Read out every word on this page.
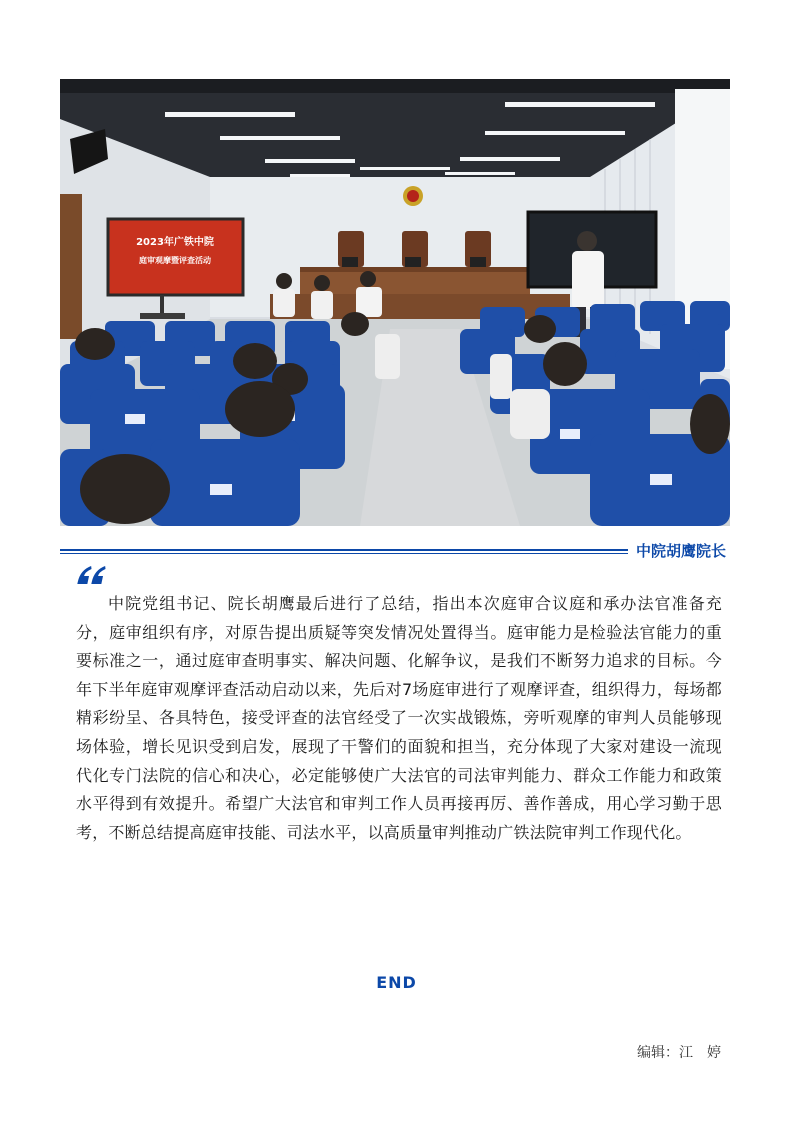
2023年广铁中院
庭审观摩暨评查活动
中院胡鹰院长

中院党组书记、院长胡鹰最后进行了总结，指出本次庭审合议庭和承办法官准备充分，庭审组织有序，对原告提出质疑等突发情况处置得当。庭审能力是检验法官能力的重要标准之一，通过庭审查明事实、解决问题、化解争议，是我们不断努力追求的目标。今年下半年庭审观摩评查活动启动以来，先后对7场庭审进行了观摩评查，组织得力，每场都精彩纷呈、各具特色，接受评查的法官经受了一次实战锻炼，旁听观摩的审判人员能够现场体验，增长见识受到启发，展现了干警们的面貌和担当，充分体现了大家对建设一流现代化专门法院的信心和决心，必定能够使广大法官的司法审判能力、群众工作能力和政策水平得到有效提升。希望广大法官和审判工作人员再接再厉、善作善成，用心学习勤于思考，不断总结提高庭审技能、司法水平，以高质量审判推动广铁法院审判工作现代化。

END
编辑：江　婷
